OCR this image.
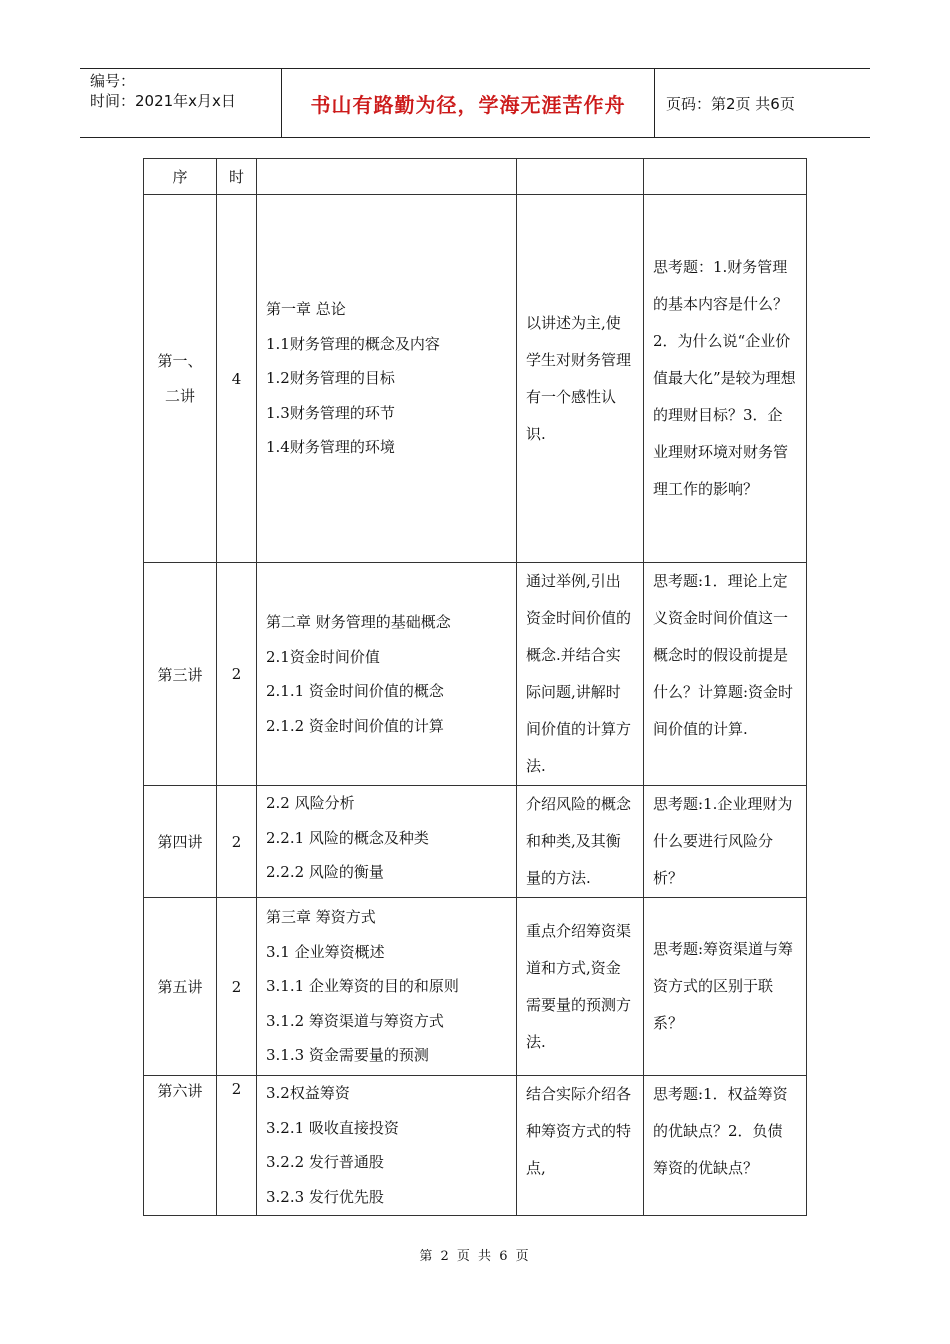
编号：
时间：2021年x月x日	书山有路勤为径，学海无涯苦作舟	页码：第2页 共6页
序	时			
第一、二讲	4	第一章 总论
1.1财务管理的概念及内容
1.2财务管理的目标
1.3财务管理的环节
1.4财务管理的环境	以讲述为主,使学生对财务管理有一个感性认识.	思考题：1.财务管理的基本内容是什么？2．为什么说“企业价值最大化”是较为理想的理财目标？3．企业理财环境对财务管理工作的影响？
第三讲	2	第二章 财务管理的基础概念
2.1资金时间价值
2.1.1 资金时间价值的概念
2.1.2 资金时间价值的计算	通过举例,引出资金时间价值的概念.并结合实际问题,讲解时间价值的计算方法.	思考题:1．理论上定义资金时间价值这一概念时的假设前提是什么？计算题:资金时间价值的计算.
第四讲	2	2.2 风险分析
2.2.1 风险的概念及种类
2.2.2 风险的衡量	介绍风险的概念和种类,及其衡量的方法.	思考题:1.企业理财为什么要进行风险分析？
第五讲	2	第三章 筹资方式
3.1 企业筹资概述
3.1.1 企业筹资的目的和原则
3.1.2 筹资渠道与筹资方式
3.1.3 资金需要量的预测	重点介绍筹资渠道和方式,资金需要量的预测方法.	思考题:筹资渠道与筹资方式的区别于联系？
第六讲	2	3.2权益筹资
3.2.1 吸收直接投资
3.2.2 发行普通股
3.2.3 发行优先股	结合实际介绍各种筹资方式的特点,	思考题:1．权益筹资的优缺点？2．负债筹资的优缺点？
第 2 页 共 6 页
